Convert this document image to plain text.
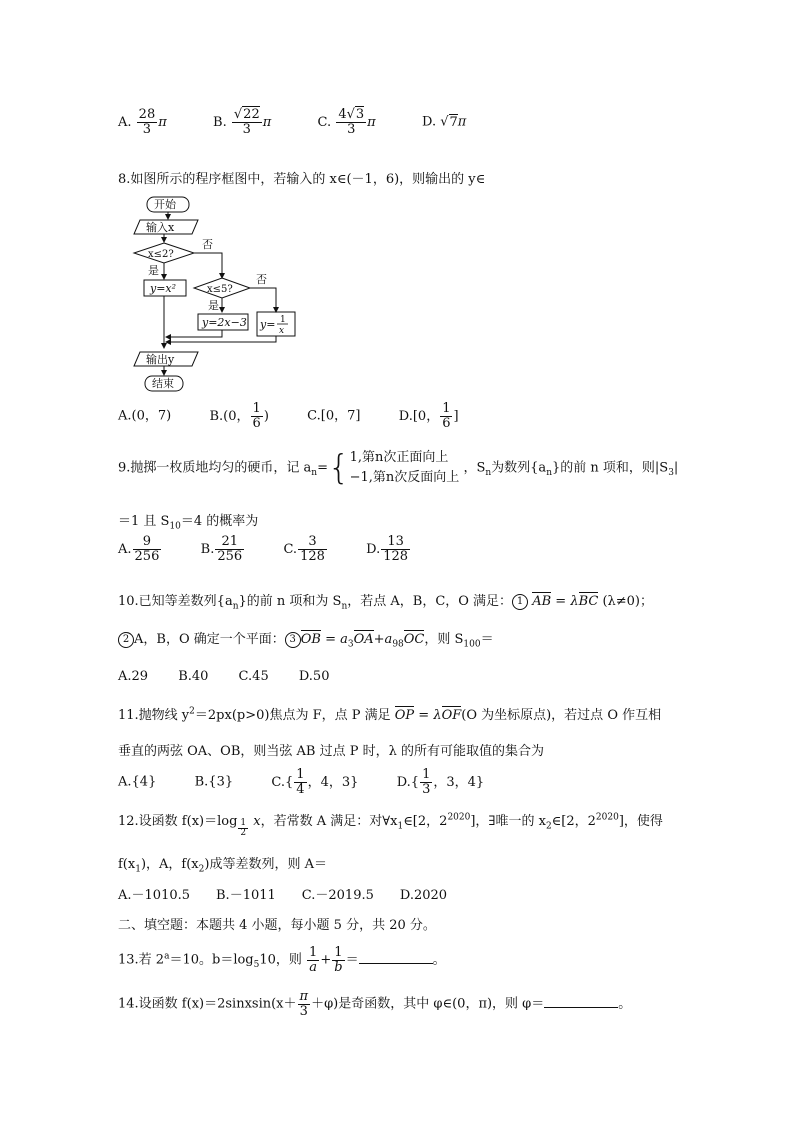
A. $\frac{28}{3}$ π	B. $\frac{√22}{3}$ π	C. $\frac{4√3}{3}$ π	D. √7π
8.如图所示的程序框图中，若输入的 x∈(－1，6)，则输出的 y∈
开始
输入x
x≤2?
否
是
y=x²	x≤5?
否
是
y=2x−3 y= 1
x
输出y
结束
A.(0，7)	B.(0， $\frac{1}{6}$ )	C.[0，7]	D.[0， $\frac{1}{6}$ ]
9.抛掷一枚质地均匀的硬币，记 $a_n=${ 1,第n次正面向上
−1,第n次反面向上
，$S_n$为数列$\{a_n\}$的前 n 项和，则$|S_3|$
＝1 且 $S_{10}=4$ 的概率为
A. $\frac{9}{256}$	B. $\frac{21}{256}$	C. $\frac{3}{128}$	D. $\frac{13}{128}$
10.已知等差数列$\{a_n\}$的前 n 项和为 $S_n$，若点 A，B，C，O 满足： 1 AB = λBC (λ≠0)；
2 A，B，O 确定一个平面： 3 OB = $a_3OA+a_{98}OC$，则 $S_{100}=$
A.29　　 B.40　　 C.45　　 D.50
11.抛物线 $y^2=2px(p>0)$焦点为 F，点 P 满足 OP = λOF(O 为坐标原点)，若过点 O 作互相
垂直的两弦 OA、OB，则当弦 AB 过点 P 时，λ 的所有可能取值的集合为
A.{4}	B.{3}	$C.\{ \frac{1}{4}$ ，4，3}	$D.\{ \frac{1}{3}$ ，3，4}
12.设函数 $f(x)=\log \frac{1}{2}$ x，若常数 A 满足：对$\forall x_1\in[2$，$2^{2020}$]，∃唯一的 $x_2\in[2$，$2^{2020}$]，使得
$f(x_1)$，A，$f(x_2)$成等差数列，则 A＝
A.－1010.5　　B.－1011　　C.－2019.5　　D.2020
二、填空题：本题共 4 小题，每小题 5 分，共 20 分。
13.若 $2^a=10$。$b=\log_510$，则 $\frac{1}{a} + \frac{1}{b}$ ＝	。
14.设函数 f(x)＝2sinxsin(x＋ $\frac{\pi}{3} +\varphi$)是奇函数，其中 φ∈(0，π)，则 φ＝	。
